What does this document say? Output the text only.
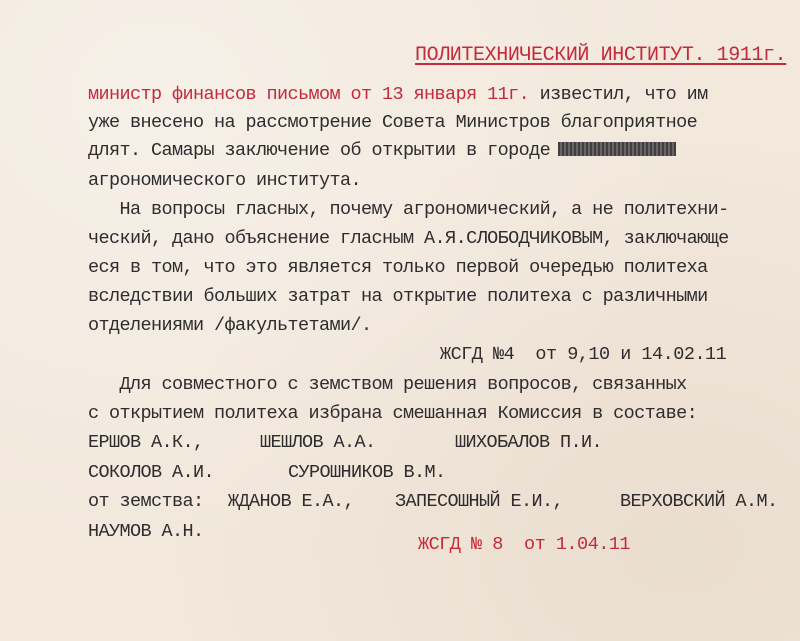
ПОЛИТЕХНИЧЕСКИЙ ИНСТИТУТ. 1911г.
министр финансов письмом от 13 января 11г. известил, что им
уже внесено на рассмотрение Совета Министров благоприятное
длят. Самары заключение об открытии в городе
агрономического института.
На вопросы гласных, почему агрономический, а не политехни-
ческий, дано объяснение гласным А.Я.СЛОБОДЧИКОВЫМ, заключающе
еся в том, что это является только первой очередью политеха
вследствии больших затрат на открытие политеха с различными
отделениями /факультетами/.
ЖСГД №4  от 9,10 и 14.02.11
Для совместного с земством решения вопросов, связанных
с открытием политеха избрана смешанная Комиссия в составе:
ЕРШОВ А.К.,	ШЕШЛОВ А.А.	ШИХОБАЛОВ П.И.
СОКОЛОВ А.И.	СУРОШНИКОВ В.М.
от земства: ЖДАНОВ Е.А., ЗАПЕСОШНЫЙ Е.И.,	ВЕРХОВСКИЙ А.М.
НАУМОВ А.Н.
ЖСГД № 8  от 1.04.11
